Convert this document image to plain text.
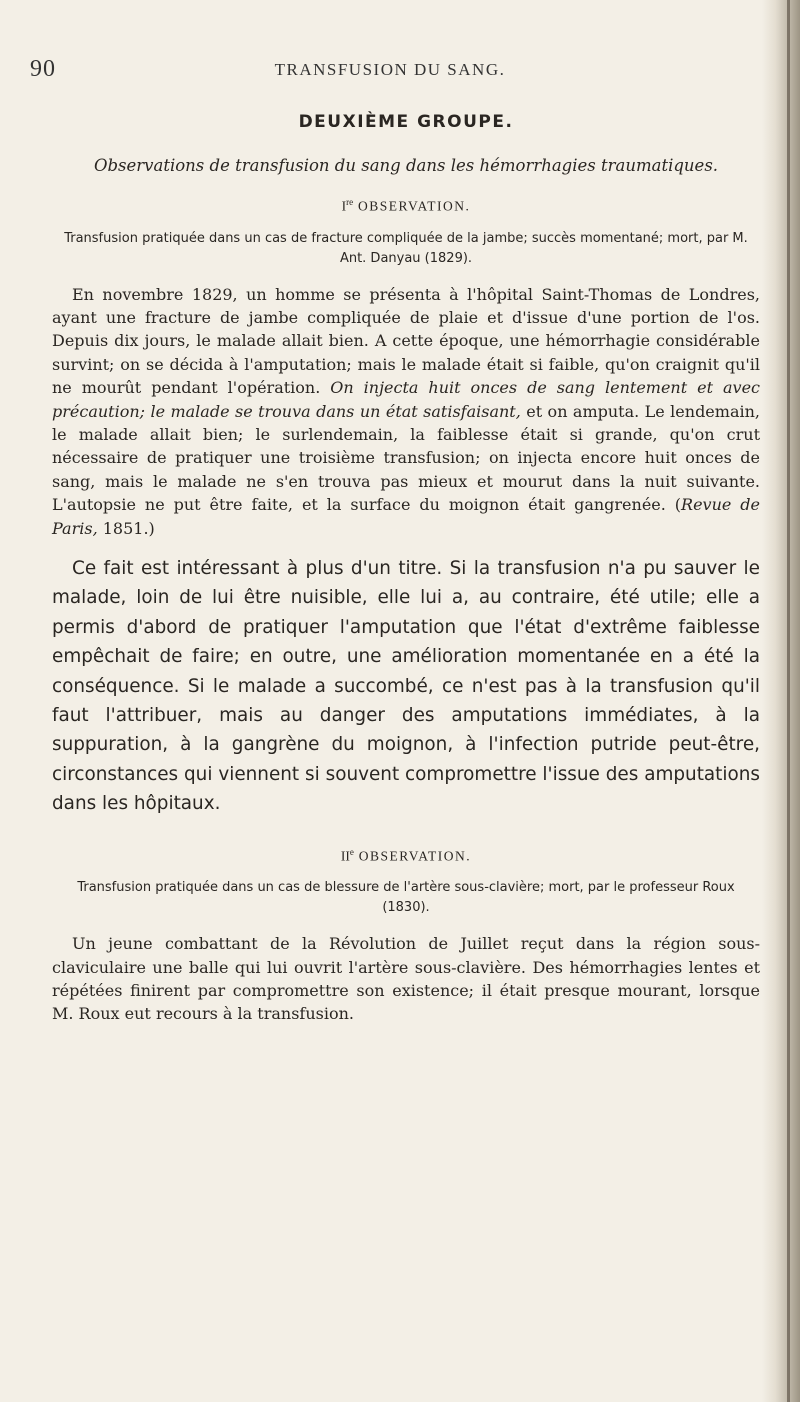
90	TRANSFUSION DU SANG.
DEUXIÈME GROUPE.
Observations de transfusion du sang dans les hémorrhagies traumatiques.
Ire OBSERVATION.
Transfusion pratiquée dans un cas de fracture compliquée de la jambe; succès momentané; mort, par M. Ant. Danyau (1829).

En novembre 1829, un homme se présenta à l'hôpital Saint-Thomas de Londres, ayant une fracture de jambe compliquée de plaie et d'issue d'une portion de l'os. Depuis dix jours, le malade allait bien. A cette époque, une hémorrhagie considérable survint; on se décida à l'amputation; mais le malade était si faible, qu'on craignit qu'il ne mourût pendant l'opération. On injecta huit onces de sang lentement et avec précaution; le malade se trouva dans un état satisfaisant, et on amputa. Le lendemain, le malade allait bien; le surlendemain, la faiblesse était si grande, qu'on crut nécessaire de pratiquer une troisième transfusion; on injecta encore huit onces de sang, mais le malade ne s'en trouva pas mieux et mourut dans la nuit suivante. L'autopsie ne put être faite, et la surface du moignon était gangrenée. (Revue de Paris, 1851.)

Ce fait est intéressant à plus d'un titre. Si la transfusion n'a pu sauver le malade, loin de lui être nuisible, elle lui a, au contraire, été utile; elle a permis d'abord de pratiquer l'amputation que l'état d'extrême faiblesse empêchait de faire; en outre, une amélioration momentanée en a été la conséquence. Si le malade a succombé, ce n'est pas à la transfusion qu'il faut l'attribuer, mais au danger des amputations immédiates, à la suppuration, à la gangrène du moignon, à l'infection putride peut-être, circonstances qui viennent si souvent compromettre l'issue des amputations dans les hôpitaux.

IIe OBSERVATION.
Transfusion pratiquée dans un cas de blessure de l'artère sous-clavière; mort, par le professeur Roux (1830).

Un jeune combattant de la Révolution de Juillet reçut dans la région sous-claviculaire une balle qui lui ouvrit l'artère sous-clavière. Des hémorrhagies lentes et répétées finirent par compromettre son existence; il était presque mourant, lorsque M. Roux eut recours à la transfusion.
